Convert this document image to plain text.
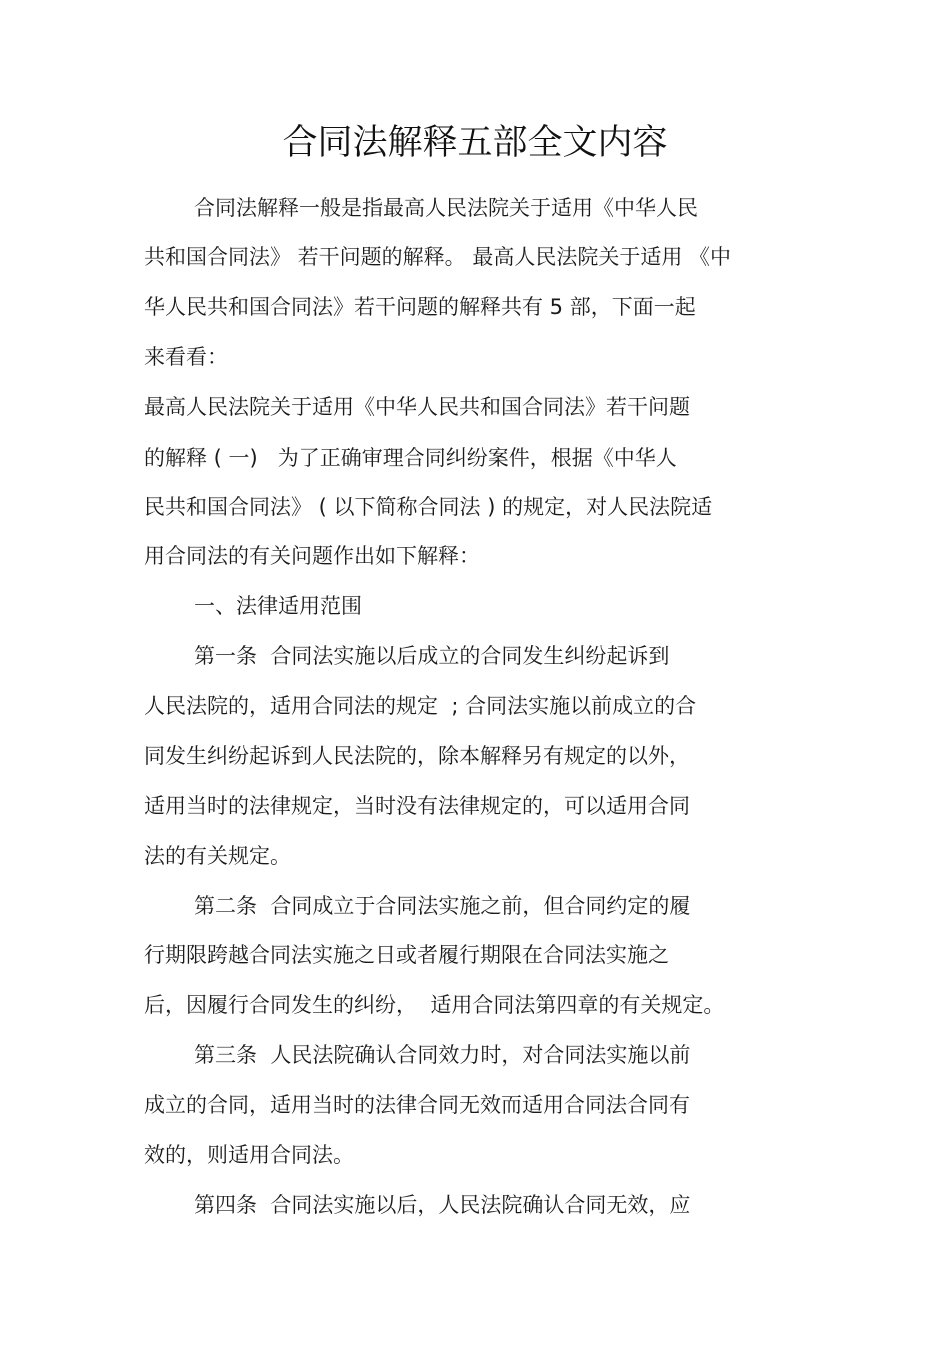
合同法解释五部全文内容
合同法解释一般是指最高人民法院关于适用《中华人民
共和国合同法》 若干问题的解释。 最高人民法院关于适用 《中
华人民共和国合同法》若干问题的解释共有 5 部，下面一起
来看看：
最高人民法院关于适用《中华人民共和国合同法》若干问题
的解释 ( 一)   为了正确审理合同纠纷案件，根据《中华人
民共和国合同法》 ( 以下简称合同法 ) 的规定，对人民法院适
用合同法的有关问题作出如下解释：
一、法律适用范围
第一条  合同法实施以后成立的合同发生纠纷起诉到
人民法院的，适用合同法的规定  ; 合同法实施以前成立的合
同发生纠纷起诉到人民法院的，除本解释另有规定的以外，
适用当时的法律规定，当时没有法律规定的，可以适用合同
法的有关规定。
第二条  合同成立于合同法实施之前，但合同约定的履
行期限跨越合同法实施之日或者履行期限在合同法实施之
后，因履行合同发生的纠纷，  适用合同法第四章的有关规定。
第三条  人民法院确认合同效力时，对合同法实施以前
成立的合同，适用当时的法律合同无效而适用合同法合同有
效的，则适用合同法。
第四条  合同法实施以后，人民法院确认合同无效，应
